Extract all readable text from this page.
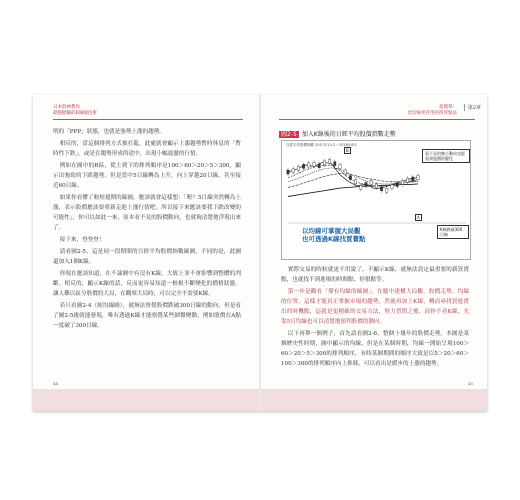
日本股神教你
最穩健賺的K線圖技術

明的「PPP」狀態，也就是強勢上漲的趨勢。

相反的，當這個排列方式被打亂，此處就會顯示上漲趨勢暫時休息的「暫時性下跌」，或是在趨勢形成的途中，出現小幅震盪的行情。

例如在圖中的B區，從上到下的排列順序是100＞60＞20＞5＞300，顯示出強勁的下跌趨勢。但是當中5日線轉為上升，向上穿越20日線，甚至接近60日線。

如果你看懂了較短週期的線圖，應該就會這樣想：「喔？5日線突然轉為上漲，表示股價應該要重新走進上漲行情吧。所以接下來應該要我下跌改變的可能性」，你可以如此一來，原本看不見的股價動向，也就夠清楚地浮現出來了。

接下來，登登登！

請看圖2-5，這是同一段期間的日經平均股價指數線圖，不同的是，此圖還加入1個K線。

你現在應該知道，在不論圖中有沒有K線，大致上並不會影響到整體的判斷。相反的，顯示K線的話，反而更容易知道一根根不斷變化的價格狀態。讓人難以區分股價的大局，在觀察大局時，可以完全不需要K線。

若只看圖2-4（純均線圖），就無法察覺股價跌破300日線的動向，但是看了圖2-5後就能發現，唯有透過K線才能察覺某些細微變動，例如股價在A點一度破了300日線。

44
超簡單！
比均線更有用的找買點法
第2章
圖2-5 加入K線後的日經平均股價指數走勢
日經平均股價指數 2017年11月～2018年6月
看不見的微小動向也能看到股價的變化
K線跌破300日線
B
A
以均線可掌握大局觀
也可透過K線找買賣點

實際交易的時候就更不用說了，不顯示K線，就無法設定最重要的新買賣點，也就找不到進場的時間點、停損點等。

第一步是觀看「僅有均線的線圖」，在腦中建構大局觀，股價走勢、均線的位置，這樣才能真正掌握市場的趨勢，然後再加上K線，轉而尋找買進賣出的時機點，這就是更精確的交易方法，努力習慣之後，而你不看K線，光靠5日均線也可以清楚地預判股價的動向。

以下再舉一個例子，首先請看圖2-6，整個十幾年的股價走勢，本圖是某個歷史性時期，圖中顯示的均線，但是在某個時期，均線一開始呈現100＞60＞20＞5＞300的排列順序，有時某個期間的順序大致是以5＞20＞60＞100＞300的排列順序向上推移，可以看出是緩步的上漲的趨勢。

45
